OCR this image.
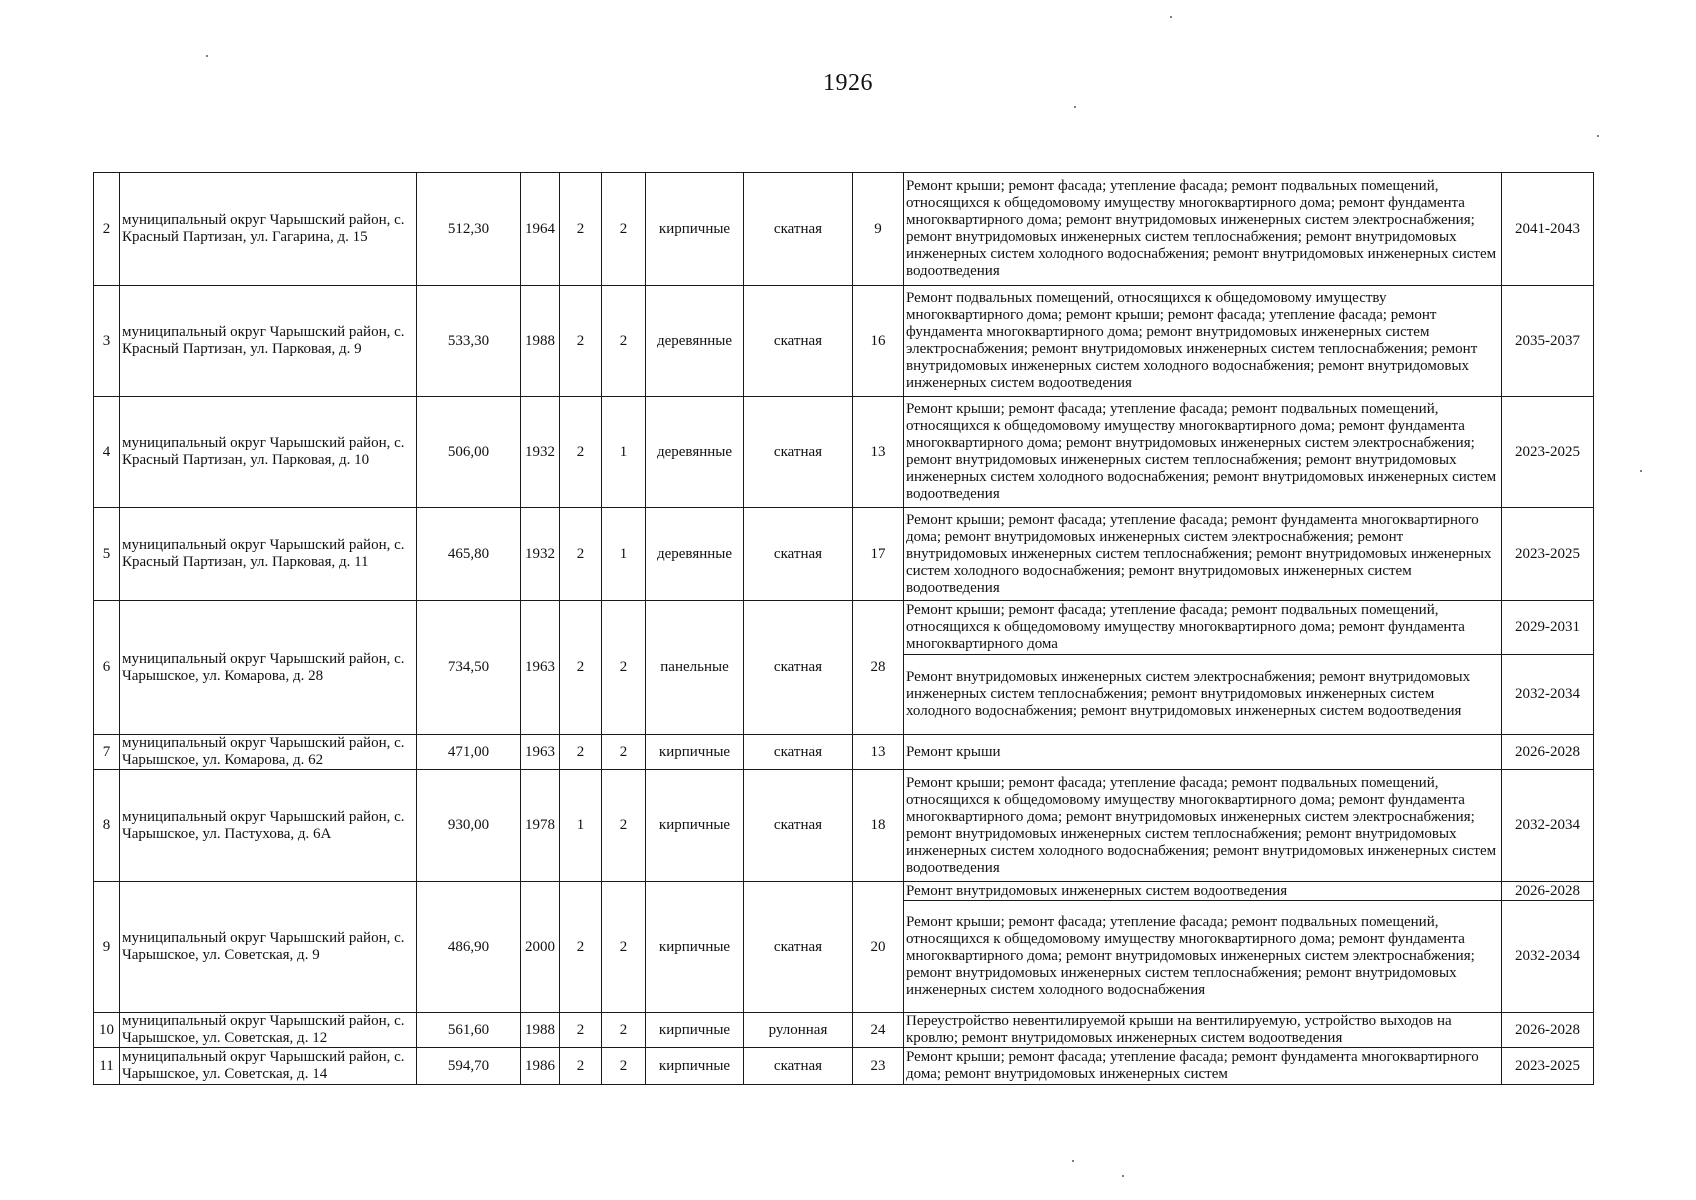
1926
2	муниципальный округ Чарышский район, с. Красный Партизан, ул. Гагарина, д. 15	512,30	1964	2	2	кирпичные	скатная	9	Ремонт крыши; ремонт фасада; утепление фасада; ремонт подвальных помещений, относящихся к общедомовому имуществу многоквартирного дома; ремонт фундамента многоквартирного дома; ремонт внутридомовых инженерных систем электроснабжения; ремонт внутридомовых инженерных систем теплоснабжения; ремонт внутридомовых инженерных систем холодного водоснабжения; ремонт внутридомовых инженерных систем водоотведения	2041-2043
3	муниципальный округ Чарышский район, с. Красный Партизан, ул. Парковая, д. 9	533,30	1988	2	2	деревянные	скатная	16	Ремонт подвальных помещений, относящихся к общедомовому имуществу многоквартирного дома; ремонт крыши; ремонт фасада; утепление фасада; ремонт фундамента многоквартирного дома; ремонт внутридомовых инженерных систем электроснабжения; ремонт внутридомовых инженерных систем теплоснабжения; ремонт внутридомовых инженерных систем холодного водоснабжения; ремонт внутридомовых инженерных систем водоотведения	2035-2037
4	муниципальный округ Чарышский район, с. Красный Партизан, ул. Парковая, д. 10	506,00	1932	2	1	деревянные	скатная	13	Ремонт крыши; ремонт фасада; утепление фасада; ремонт подвальных помещений, относящихся к общедомовому имуществу многоквартирного дома; ремонт фундамента многоквартирного дома; ремонт внутридомовых инженерных систем электроснабжения; ремонт внутридомовых инженерных систем теплоснабжения; ремонт внутридомовых инженерных систем холодного водоснабжения; ремонт внутридомовых инженерных систем водоотведения	2023-2025
5	муниципальный округ Чарышский район, с. Красный Партизан, ул. Парковая, д. 11	465,80	1932	2	1	деревянные	скатная	17	Ремонт крыши; ремонт фасада; утепление фасада; ремонт фундамента многоквартирного дома; ремонт внутридомовых инженерных систем электроснабжения; ремонт внутридомовых инженерных систем теплоснабжения; ремонт внутридомовых инженерных систем холодного водоснабжения; ремонт внутридомовых инженерных систем водоотведения	2023-2025
6	муниципальный округ Чарышский район, с. Чарышское, ул. Комарова, д. 28	734,50	1963	2	2	панельные	скатная	28	Ремонт крыши; ремонт фасада; утепление фасада; ремонт подвальных помещений, относящихся к общедомовому имуществу многоквартирного дома; ремонт фундамента многоквартирного дома	2029-2031
									Ремонт внутридомовых инженерных систем электроснабжения; ремонт внутридомовых инженерных систем теплоснабжения; ремонт внутридомовых инженерных систем холодного водоснабжения; ремонт внутридомовых инженерных систем водоотведения	2032-2034
7	муниципальный округ Чарышский район, с. Чарышское, ул. Комарова, д. 62	471,00	1963	2	2	кирпичные	скатная	13	Ремонт крыши	2026-2028
8	муниципальный округ Чарышский район, с. Чарышское, ул. Пастухова, д. 6А	930,00	1978	1	2	кирпичные	скатная	18	Ремонт крыши; ремонт фасада; утепление фасада; ремонт подвальных помещений, относящихся к общедомовому имуществу многоквартирного дома; ремонт фундамента многоквартирного дома; ремонт внутридомовых инженерных систем электроснабжения; ремонт внутридомовых инженерных систем теплоснабжения; ремонт внутридомовых инженерных систем холодного водоснабжения; ремонт внутридомовых инженерных систем водоотведения	2032-2034
9	муниципальный округ Чарышский район, с. Чарышское, ул. Советская, д. 9	486,90	2000	2	2	кирпичные	скатная	20	Ремонт внутридомовых инженерных систем водоотведения	2026-2028
									Ремонт крыши; ремонт фасада; утепление фасада; ремонт подвальных помещений, относящихся к общедомовому имуществу многоквартирного дома; ремонт фундамента многоквартирного дома; ремонт внутридомовых инженерных систем электроснабжения; ремонт внутридомовых инженерных систем теплоснабжения; ремонт внутридомовых инженерных систем холодного водоснабжения	2032-2034
10	муниципальный округ Чарышский район, с. Чарышское, ул. Советская, д. 12	561,60	1988	2	2	кирпичные	рулонная	24	Переустройство невентилируемой крыши на вентилируемую, устройство выходов на кровлю; ремонт внутридомовых инженерных систем водоотведения	2026-2028
11	муниципальный округ Чарышский район, с. Чарышское, ул. Советская, д. 14	594,70	1986	2	2	кирпичные	скатная	23	Ремонт крыши; ремонт фасада; утепление фасада; ремонт фундамента многоквартирного дома; ремонт внутридомовых инженерных систем	2023-2025
